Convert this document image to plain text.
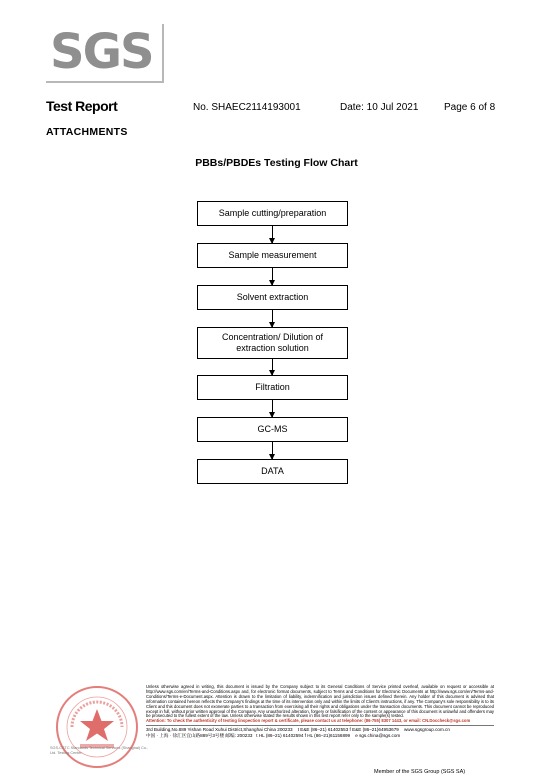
SGS
Test Report	No. SHAEC2114193001	Date: 10 Jul 2021	Page 6 of 8
ATTACHMENTS
PBBs/PBDEs Testing Flow Chart
Sample cutting/preparation
Sample measurement
Solvent extraction
Concentration/ Dilution of extraction solution
Filtration
GC-MS
DATA
SGS-CSTC Standards Technical Services (Shanghai) Co., Ltd. Testing Center
Unless otherwise agreed in writing, this document is issued by the Company subject to its General Conditions of Service printed overleaf, available on request or accessible at http://www.sgs.com/en/Terms-and-Conditions.aspx and, for electronic format documents, subject to Terms and Conditions for Electronic Documents at http://www.sgs.com/en/Terms-and-Conditions/Terms-e-Document.aspx. Attention is drawn to the limitation of liability, indemnification and jurisdiction issues defined therein. Any holder of this document is advised that information contained hereon reflects the Company's findings at the time of its intervention only and within the limits of Client's instructions, if any. The Company's sole responsibility is to its Client and this document does not exonerate parties to a transaction from exercising all their rights and obligations under the transaction documents. This document cannot be reproduced except in full, without prior written approval of the Company. Any unauthorized alteration, forgery or falsification of the content or appearance of this document is unlawful and offenders may be prosecuted to the fullest extent of the law. Unless otherwise stated the results shown in this test report refer only to the sample(s) tested.
Attention: To check the authenticity of testing /inspection report & certificate, please contact us at telephone: (86-755) 8307 1443, or email: CN.Doccheck@sgs.com
3rd Building,No.889 Yishan Road Xuhui District,Shanghai China 200233 t E&E (86–21) 61402553 f E&E (86–21)64953679 www.sgsgroup.com.cn
中国 · 上海 · 徐汇区宜山路889号3号楼 邮编: 200233 t HL (86–21) 61402594 f HL (86–21)61156899 e sgs.china@sgs.com
Member of the SGS Group (SGS SA)
